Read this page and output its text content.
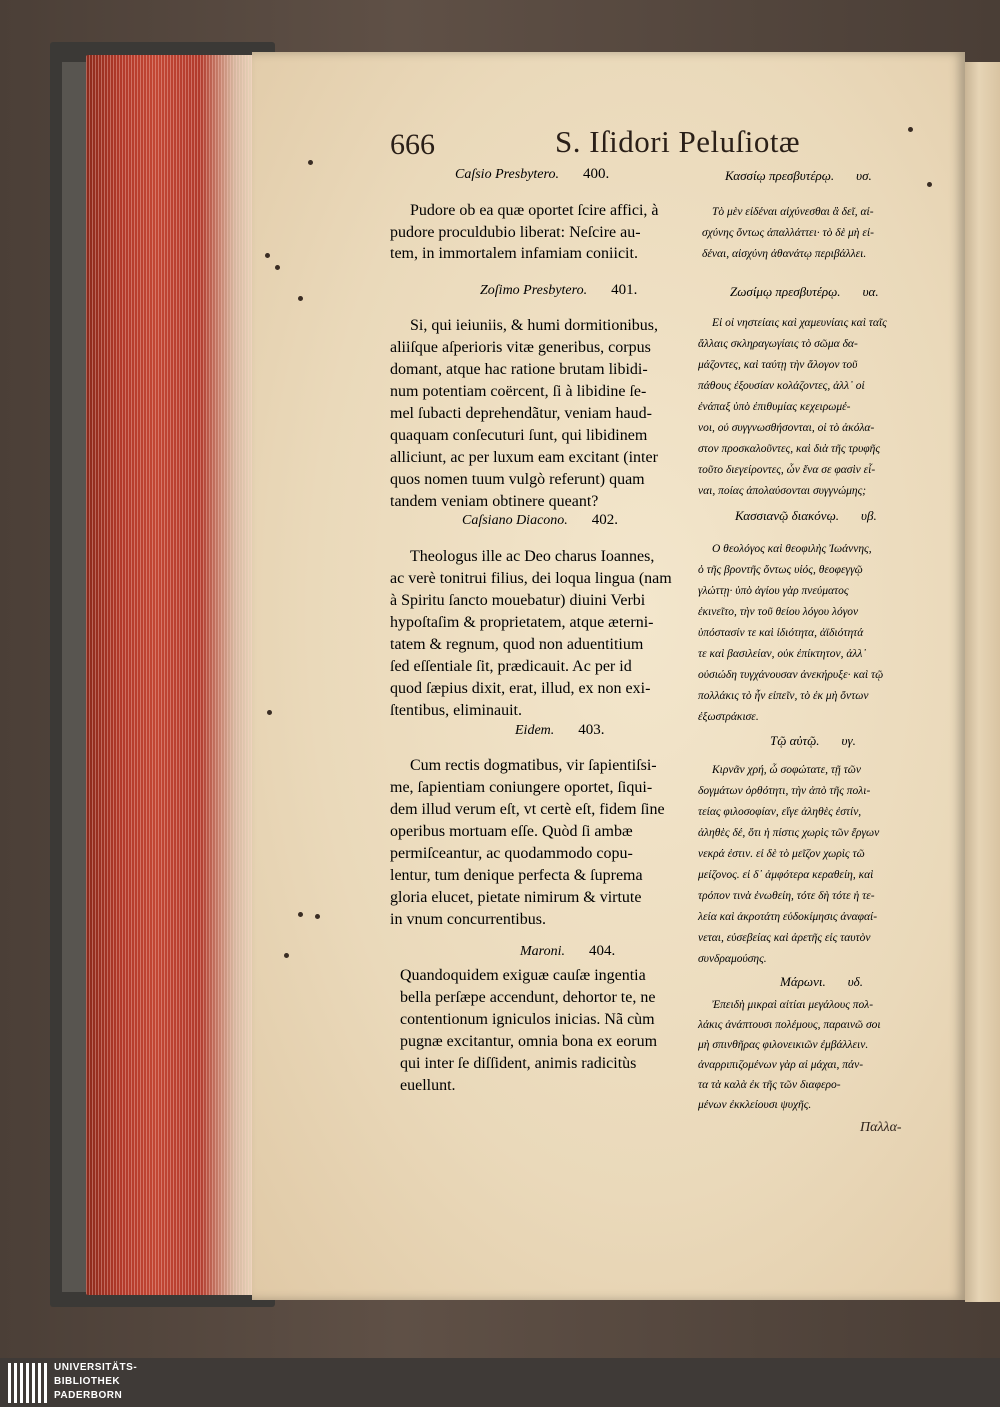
666	S. Iſidori Peluſiotæ
Caſsio Presbytero. 400.
Pudore ob ea quæ oportet ſcire affici, à
pudore proculdubio liberat: Neſcire au-
tem, in immortalem infamiam coniicit.
Zoſimo Presbytero. 401.
Si, qui ieiuniis, & humi dormitionibus,
aliiſque aſperioris vitæ generibus, corpus
domant, atque hac ratione brutam libidi-
num potentiam coërcent, ſi à libidine ſe-
mel ſubacti deprehendãtur, veniam haud-
quaquam conſecuturi ſunt, qui libidinem
alliciunt, ac per luxum eam excitant (inter
quos nomen tuum vulgò referunt) quam
tandem veniam obtinere queant?
Caſsiano Diacono. 402.
Theologus ille ac Deo charus Ioannes,
ac verè tonitrui filius, dei loqua lingua (nam
à Spiritu ſancto mouebatur) diuini Verbi
hypoſtaſim & proprietatem, atque æterni-
tatem & regnum, quod non aduentitium
ſed eſſentiale ſit, prædicauit. Ac per id
quod ſæpius dixit, erat, illud, ex non exi-
ſtentibus, eliminauit.
Eidem. 403.
Cum rectis dogmatibus, vir ſapientiſsi-
me, ſapientiam coniungere oportet, ſiqui-
dem illud verum eſt, vt certè eſt, fidem ſine
operibus mortuam eſſe. Quòd ſi ambæ
permiſceantur, ac quodammodo copu-
lentur, tum denique perfecta & ſuprema
gloria elucet, pietate nimirum & virtute
in vnum concurrentibus.
Maroni. 404.
Quandoquidem exiguæ cauſæ ingentia
bella perſæpe accendunt, dehortor te, ne
contentionum igniculos inicias. Nã cùm
pugnæ excitantur, omnia bona ex eorum
qui inter ſe diſſident, animis radicitùs
euellunt.
Κασσίῳ πρεσβυτέρῳ. υσ.
Τὸ μὲν εἰδέναι αἰχύνεσθαι ἃ δεῖ, αἰ-
σχύνης ὄντως ἀπαλλάττει· τὸ δὲ μὴ εἰ-
δέναι, αἰσχύνη ἀθανάτῳ περιβάλλει.
Ζωσίμῳ πρεσβυτέρῳ. υα.
Εἰ οἱ νηστείαις καὶ χαμευνίαις καὶ ταῖς
ἄλλαις σκληραγωγίαις τὸ σῶμα δα-
μάζοντες, καὶ ταύτῃ τὴν ἄλογον τοῦ
πάθους ἐξουσίαν κολάζοντες, ἀλλ᾽ οἱ
ἐνάπαξ ὑπὸ ἐπιθυμίας κεχειρωμέ-
νοι, οὐ συγγνωσθήσονται, οἱ τὸ ἀκόλα-
στον προσκαλοῦντες, καὶ διὰ τῆς τρυφῆς
τοῦτο διεγείροντες, ὧν ἕνα σε φασὶν εἶ-
ναι, ποίας ἀπολαύσονται συγγνώμης;
Κασσιανῷ διακόνῳ. υβ.
Ο θεολόγος καὶ θεοφιλὴς Ἰωάννης,
ὁ τῆς βροντῆς ὄντως υἱός, θεοφεγγῷ
γλώττῃ· ὑπὸ ἁγίου γὰρ πνεύματος
ἐκινεῖτο, τὴν τοῦ θείου λόγου λόγον
ὑπόστασίν τε καὶ ἰδιότητα, ἀϊδιότητά
τε καὶ βασιλείαν, οὐκ ἐπίκτητον, ἀλλ᾽
οὐσιώδη τυγχάνουσαν ἀνεκήρυξε· καὶ τῷ
πολλάκις τὸ ἦν εἰπεῖν, τὸ ἐκ μὴ ὄντων
ἐξωστράκισε.
Τῷ αὐτῷ. υγ.
Κιρνᾶν χρή, ὦ σοφώτατε, τῇ τῶν
δογμάτων ὀρθότητι, τὴν ἀπὸ τῆς πολι-
τείας φιλοσοφίαν, εἴγε ἀληθὲς ἐστίν,
ἀληθὲς δέ, ὅτι ἡ πίστις χωρὶς τῶν ἔργων
νεκρά ἐστιν. εἰ δὲ τὸ μεῖζον χωρὶς τῶ
μείζονος. εἰ δ᾽ ἀμφότερα κεραθείη, καὶ
τρόπον τινὰ ἑνωθείη, τότε δὴ τότε ἡ τε-
λεία καὶ ἀκροτάτη εὐδοκίμησις ἀναφαί-
νεται, εὐσεβείας καὶ ἀρετῆς εἰς ταυτὸν
συνδραμούσης.
Μάρωνι. υδ.
Ἐπειδὴ μικραὶ αἰτίαι μεγάλους πολ-
λάκις ἀνάπτουσι πολέμους, παραινῶ σοι
μὴ σπινθῆρας φιλονεικιῶν ἐμβάλλειν.
ἀναρριπιζομένων γὰρ αἱ μάχαι, πάν-
τα τὰ καλὰ ἐκ τῆς τῶν διαφερο-
μένων ἐκκλείουσι ψυχῆς.
Παλλα-
UNIVERSITÄTS-
BIBLIOTHEK
PADERBORN
